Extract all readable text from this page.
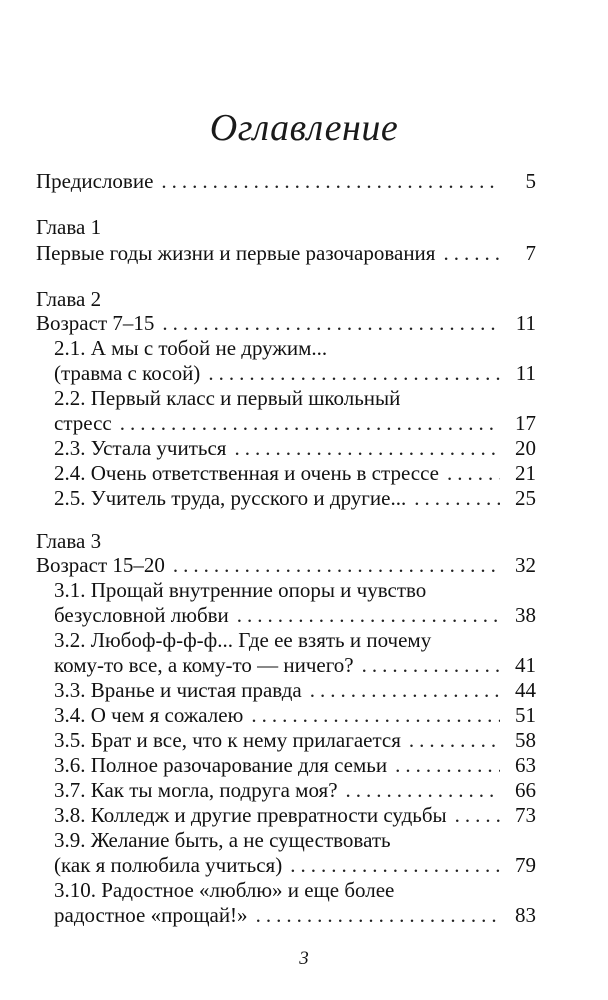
Оглавление
Предисловие .....	5
Глава 1
Первые годы жизни и первые разочарования .....	7
Глава 2
Возраст 7–15 .....	11
2.1. А мы с тобой не дружим...
(травма с косой) .....	11
2.2. Первый класс и первый школьный
стресс .....	17
2.3. Устала учиться .....	20
2.4. Очень ответственная и очень в стрессе .....	21
2.5. Учитель труда, русского и другие... .....	25
Глава 3
Возраст 15–20 .....	32
3.1. Прощай внутренние опоры и чувство
безусловной любви .....	38
3.2. Любоф-ф-ф-ф... Где ее взять и почему
кому-то все, а кому-то — ничего? .....	41
3.3. Вранье и чистая правда .....	44
3.4. О чем я сожалею .....	51
3.5. Брат и все, что к нему прилагается .....	58
3.6. Полное разочарование для семьи .....	63
3.7. Как ты могла, подруга моя? .....	66
3.8. Колледж и другие превратности судьбы .....	73
3.9. Желание быть, а не существовать
(как я полюбила учиться) .....	79
3.10. Радостное «люблю» и еще более
радостное «прощай!» .....	83
3
